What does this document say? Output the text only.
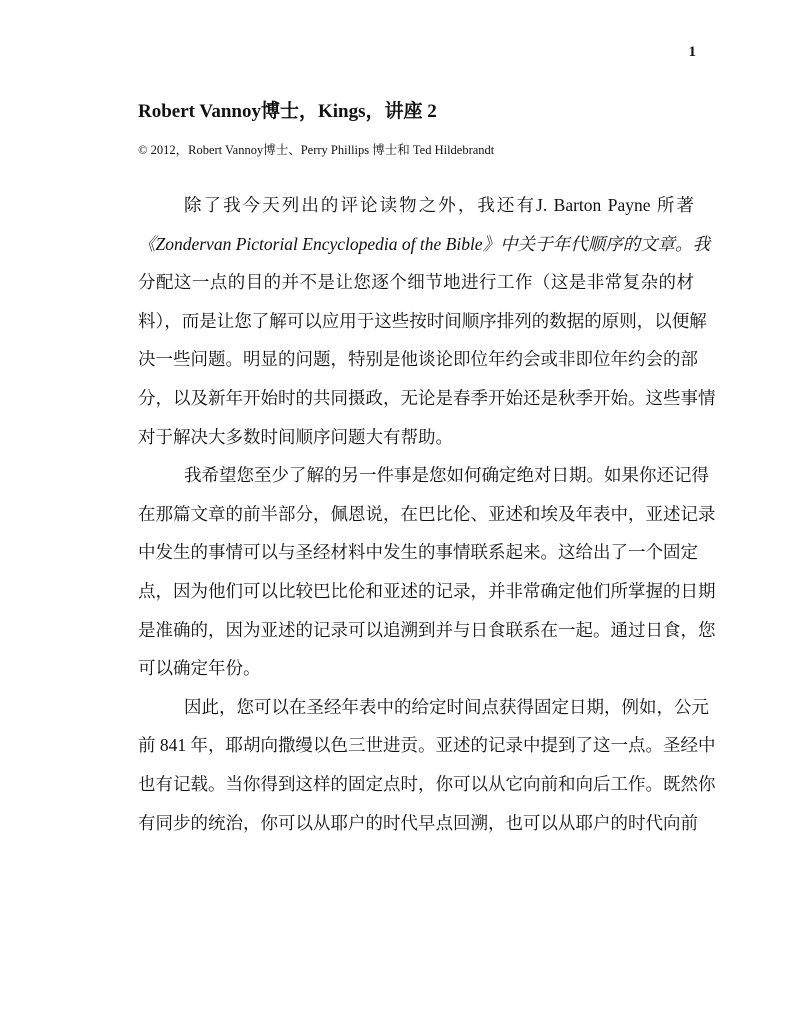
1
Robert Vannoy博士，Kings，讲座 2
© 2012，Robert Vannoy博士、Perry Phillips 博士和 Ted Hildebrandt
除了我今天列出的评论读物之外，我还有J. Barton Payne 所著
《Zondervan Pictorial Encyclopedia of the Bible》中关于年代顺序的文章。我
分配这一点的目的并不是让您逐个细节地进行工作（这是非常复杂的材
料），而是让您了解可以应用于这些按时间顺序排列的数据的原则，以便解
决一些问题。明显的问题，特别是他谈论即位年约会或非即位年约会的部
分，以及新年开始时的共同摄政，无论是春季开始还是秋季开始。这些事情
对于解决大多数时间顺序问题大有帮助。
我希望您至少了解的另一件事是您如何确定绝对日期。如果你还记得
在那篇文章的前半部分，佩恩说，在巴比伦、亚述和埃及年表中，亚述记录
中发生的事情可以与圣经材料中发生的事情联系起来。这给出了一个固定
点，因为他们可以比较巴比伦和亚述的记录，并非常确定他们所掌握的日期
是准确的，因为亚述的记录可以追溯到并与日食联系在一起。通过日食，您
可以确定年份。
因此，您可以在圣经年表中的给定时间点获得固定日期，例如，公元
前 841 年，耶胡向撒缦以色三世进贡。亚述的记录中提到了这一点。圣经中
也有记载。当你得到这样的固定点时，你可以从它向前和向后工作。既然你
有同步的统治，你可以从耶户的时代早点回溯，也可以从耶户的时代向前
